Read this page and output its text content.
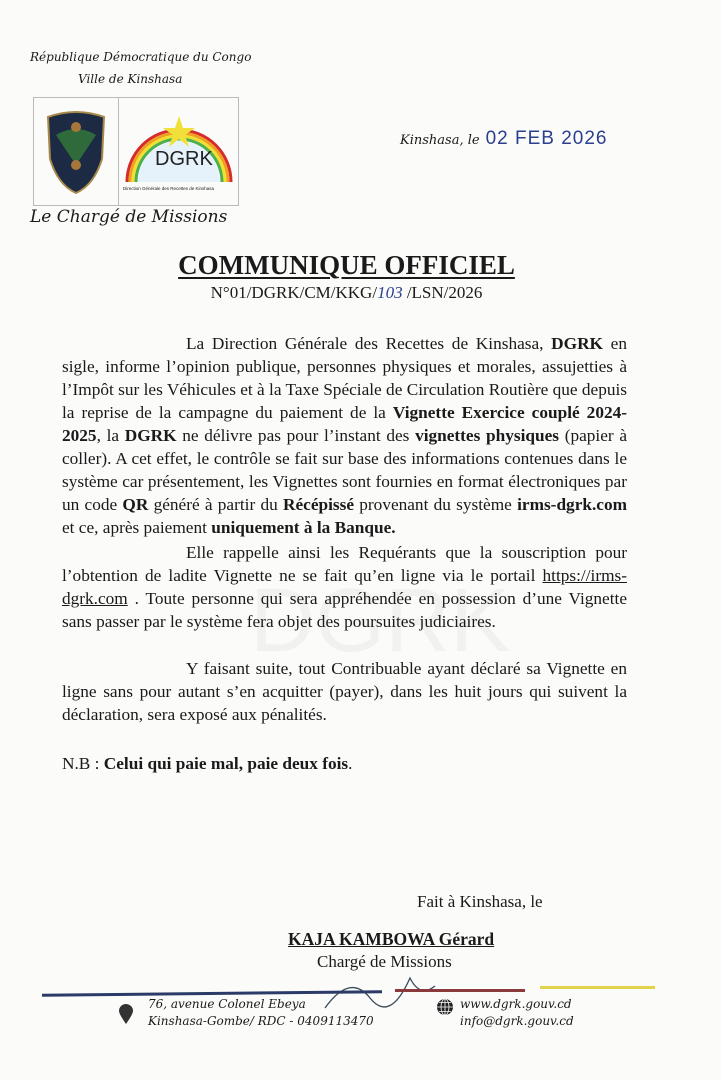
République Démocratique du Congo
Ville de Kinshasa
DGRK
Direction Générale des Recettes de Kinshasa
Le Chargé de Missions
Kinshasa, le 02 FEB 2026
COMMUNIQUE OFFICIEL
N°01/DGRK/CM/KKG/103 /LSN/2026

La Direction Générale des Recettes de Kinshasa, DGRK en sigle, informe l’opinion publique, personnes physiques et morales, assujetties à l’Impôt sur les Véhicules et à la Taxe Spéciale de Circulation Routière que depuis la reprise de la campagne du paiement de la Vignette Exercice couplé 2024-2025, la DGRK ne délivre pas pour l’instant des vignettes physiques (papier à coller). A cet effet, le contrôle se fait sur base des informations contenues dans le système car présentement, les Vignettes sont fournies en format électroniques par un code QR généré à partir du Récépissé provenant du système irms-dgrk.com et ce, après paiement uniquement à la Banque.

Elle rappelle ainsi les Requérants que la souscription pour l’obtention de ladite Vignette ne se fait qu’en ligne via le portail https://irms-dgrk.com . Toute personne qui sera appréhendée en possession d’une Vignette sans passer par le système fera objet des poursuites judiciaires.

Y faisant suite, tout Contribuable ayant déclaré sa Vignette en ligne sans pour autant s’en acquitter (payer), dans les huit jours qui suivent la déclaration, sera exposé aux pénalités.

N.B : Celui qui paie mal, paie deux fois.

Fait à Kinshasa, le
KAJA KAMBOWA Gérard
Chargé de Missions
76, avenue Colonel Ebeya
Kinshasa-Gombe/ RDC - 0409113470
www.dgrk.gouv.cd
info@dgrk.gouv.cd
